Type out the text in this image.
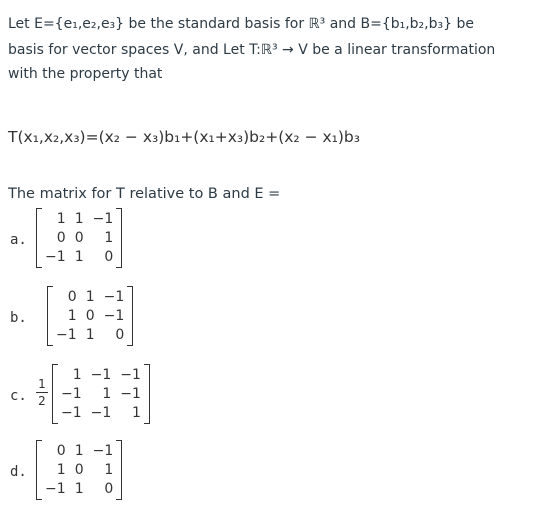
Let E={e₁,e₂,e₃} be the standard basis for ℝ³ and B={b₁,b₂,b₃} be
basis for vector spaces V, and Let T:ℝ³ → V be a linear transformation
with the property that
T(x₁,x₂,x₃)=(x₂ − x₃)b₁+(x₁+x₃)b₂+(x₂ − x₁)b₃
The matrix for T relative to B and E =
a.
1 1 −1
0 0	1
−1 1	0
b.
0 1 −1
1 0 −1
−1 1	0
c.
1
2
1 −1 −1
−1	1 −1
−1 −1	1
d.
0 1 −1
1 0	1
−1 1	0
